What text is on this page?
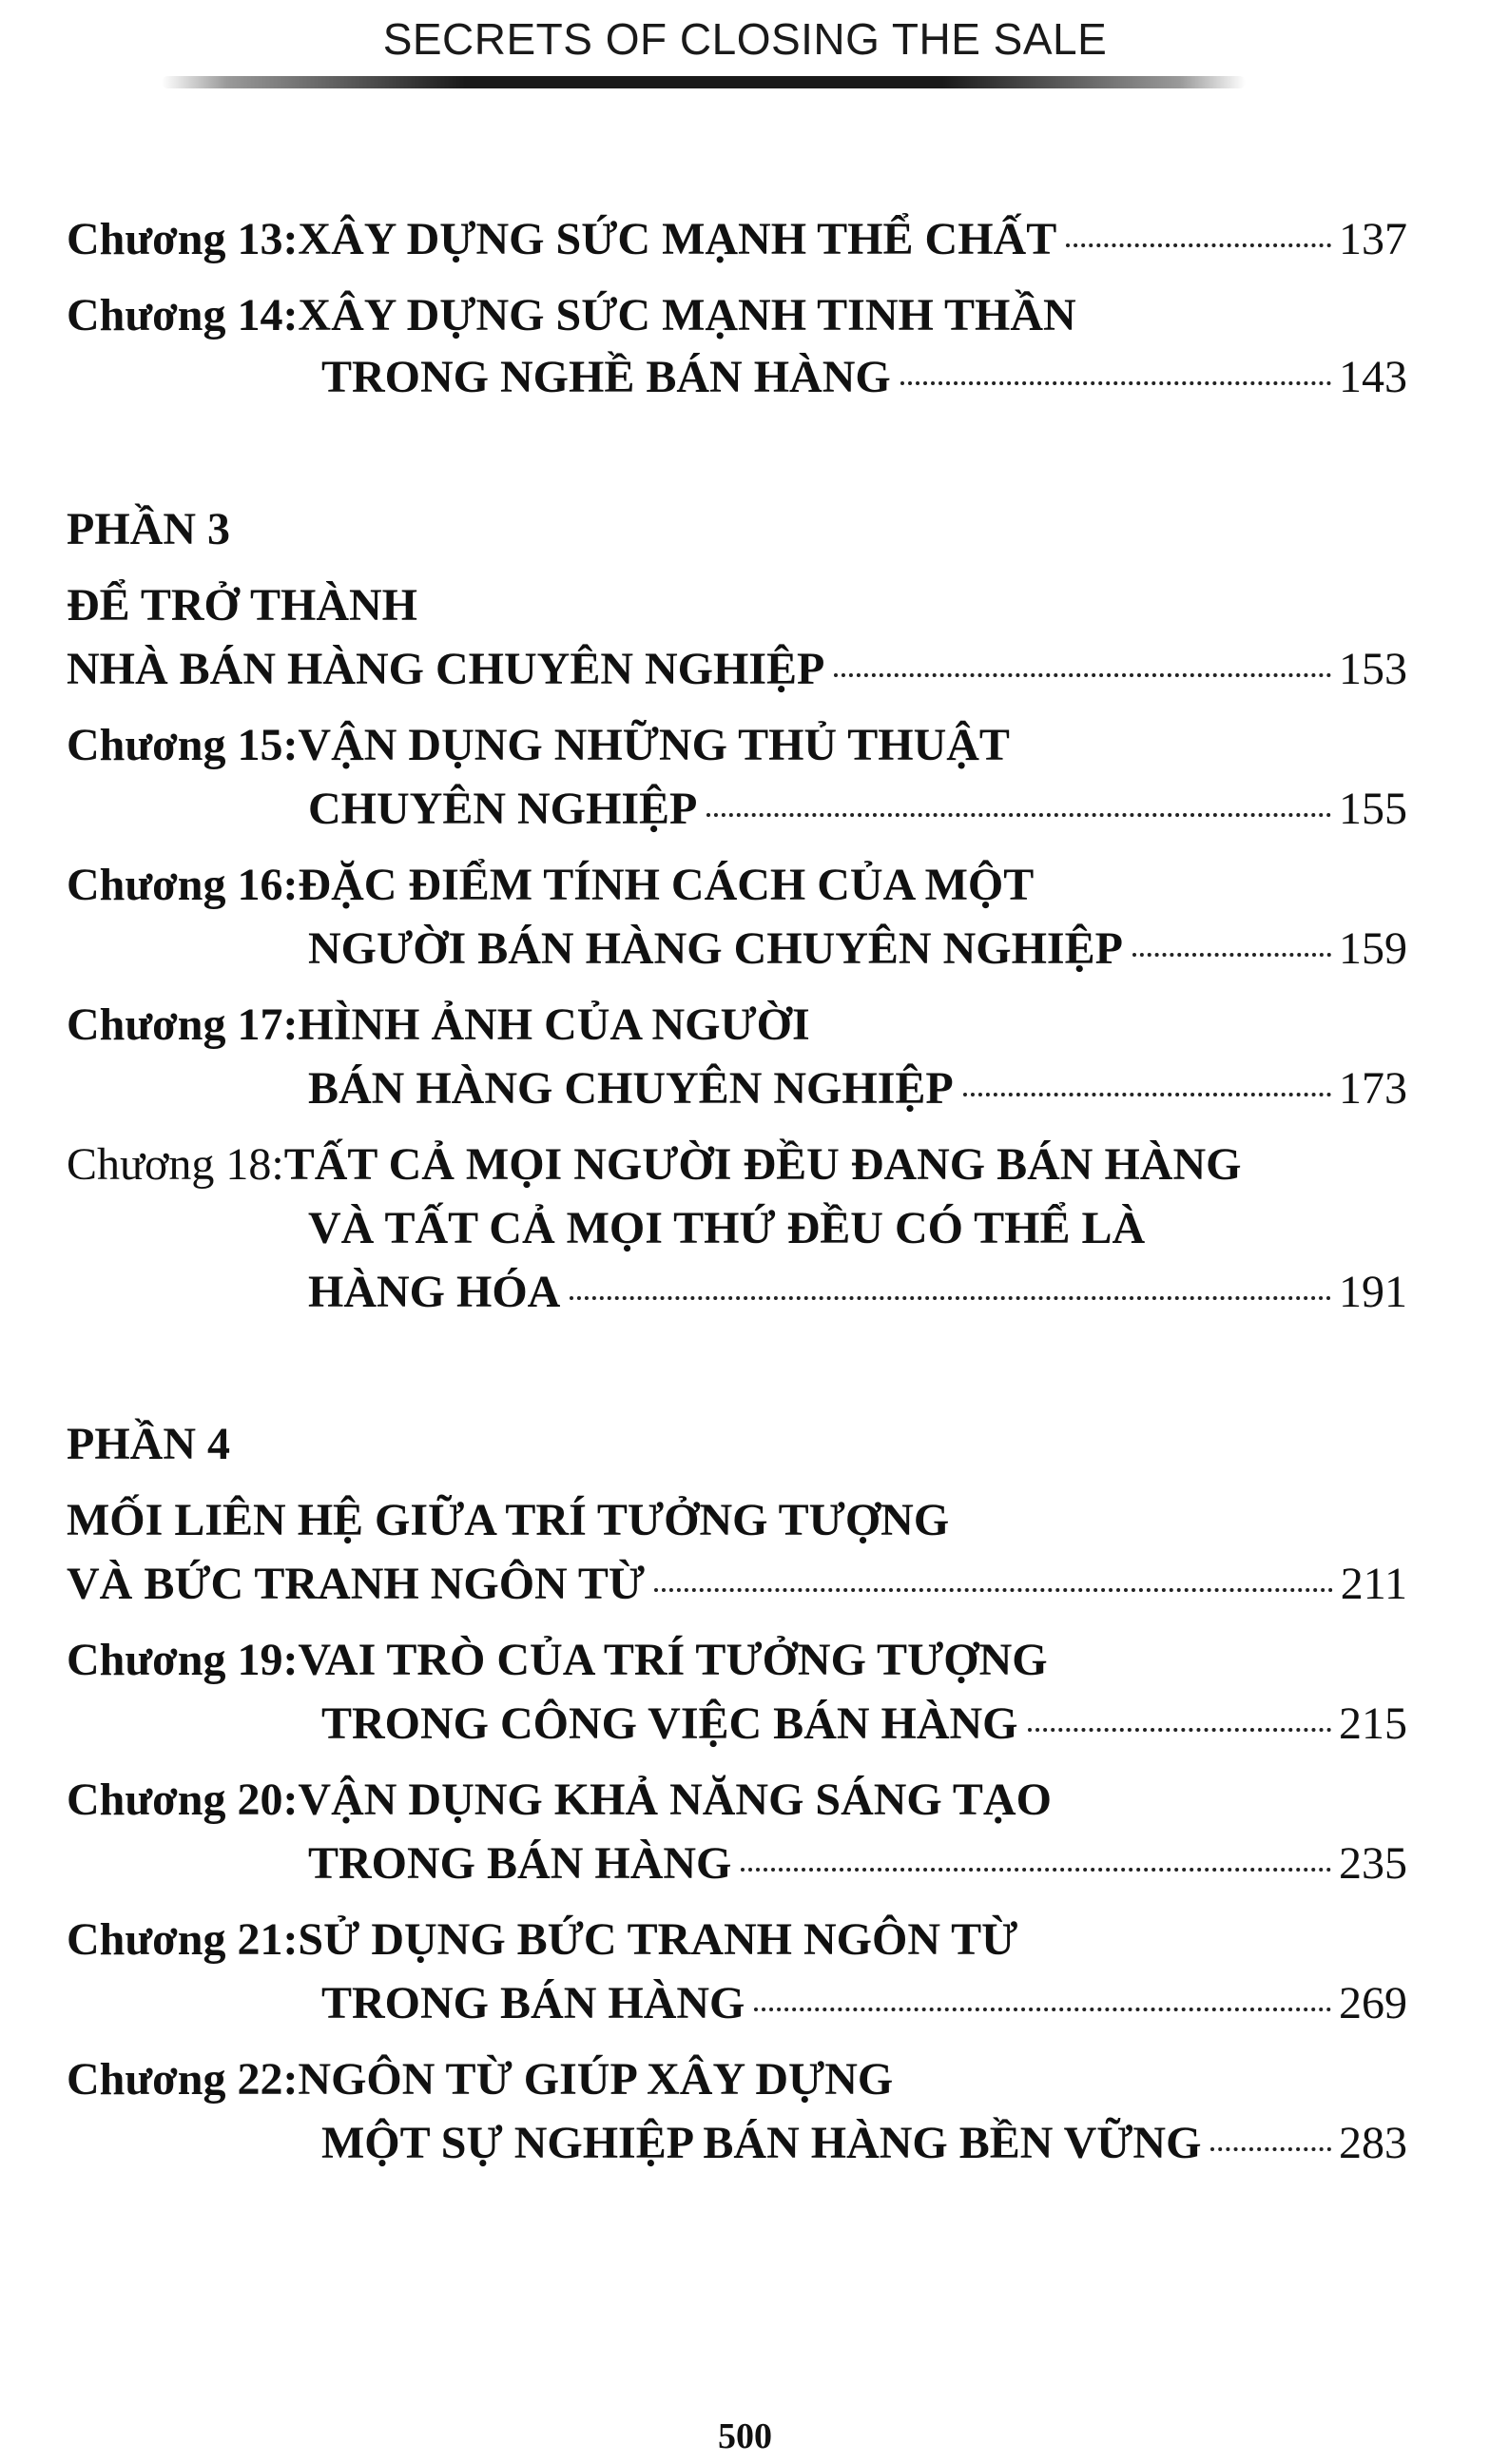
SECRETS OF CLOSING THE SALE
Chương 13: XÂY DỰNG SỨC MẠNH THỂ CHẤT	137
Chương 14: XÂY DỰNG SỨC MẠNH TINH THẦN
TRONG NGHỀ BÁN HÀNG	143
PHẦN 3
ĐỂ TRỞ THÀNH
NHÀ BÁN HÀNG CHUYÊN NGHIỆP	153
Chương 15: VẬN DỤNG NHỮNG THỦ THUẬT
CHUYÊN NGHIỆP	155
Chương 16: ĐẶC ĐIỂM TÍNH CÁCH CỦA MỘT
NGƯỜI BÁN HÀNG CHUYÊN NGHIỆP	159
Chương 17: HÌNH ẢNH CỦA NGƯỜI
BÁN HÀNG CHUYÊN NGHIỆP	173
Chương 18: TẤT CẢ MỌI NGƯỜI ĐỀU ĐANG BÁN HÀNG
VÀ TẤT CẢ MỌI THỨ ĐỀU CÓ THỂ LÀ
HÀNG HÓA	191
PHẦN 4
MỐI LIÊN HỆ GIỮA TRÍ TƯỞNG TƯỢNG
VÀ BỨC TRANH NGÔN TỪ	211
Chương 19: VAI TRÒ CỦA TRÍ TƯỞNG TƯỢNG
TRONG CÔNG VIỆC BÁN HÀNG	215
Chương 20: VẬN DỤNG KHẢ NĂNG SÁNG TẠO
TRONG BÁN HÀNG	235
Chương 21: SỬ DỤNG BỨC TRANH NGÔN TỪ
TRONG BÁN HÀNG	269
Chương 22: NGÔN TỪ GIÚP XÂY DỰNG
MỘT SỰ NGHIỆP BÁN HÀNG BỀN VỮNG	283
500
